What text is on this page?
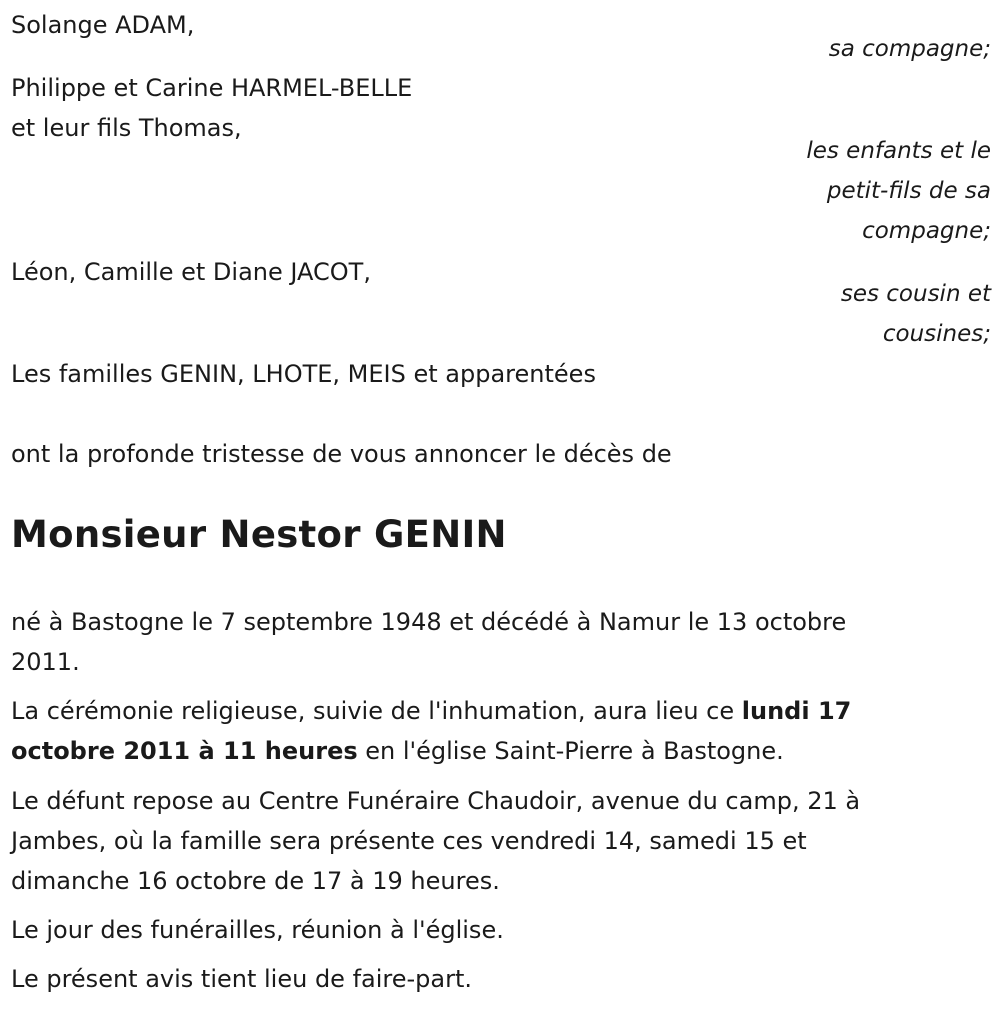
Solange ADAM,

sa compagne;

Philippe et Carine HARMEL-BELLE

et leur fils Thomas,

les enfants et le

petit-fils de sa

compagne;

Léon, Camille et Diane JACOT,

ses cousin et

cousines;

Les familles GENIN, LHOTE, MEIS et apparentées

ont la profonde tristesse de vous annoncer le décès de

Monsieur Nestor GENIN

né à Bastogne le 7 septembre 1948 et décédé à Namur le 13 octobre

2011.

La cérémonie religieuse, suivie de l'inhumation, aura lieu ce lundi 17

octobre 2011 à 11 heures en l'église Saint-Pierre à Bastogne.

Le défunt repose au Centre Funéraire Chaudoir, avenue du camp, 21 à

Jambes, où la famille sera présente ces vendredi 14, samedi 15 et

dimanche 16 octobre de 17 à 19 heures.

Le jour des funérailles, réunion à l'église.

Le présent avis tient lieu de faire-part.
